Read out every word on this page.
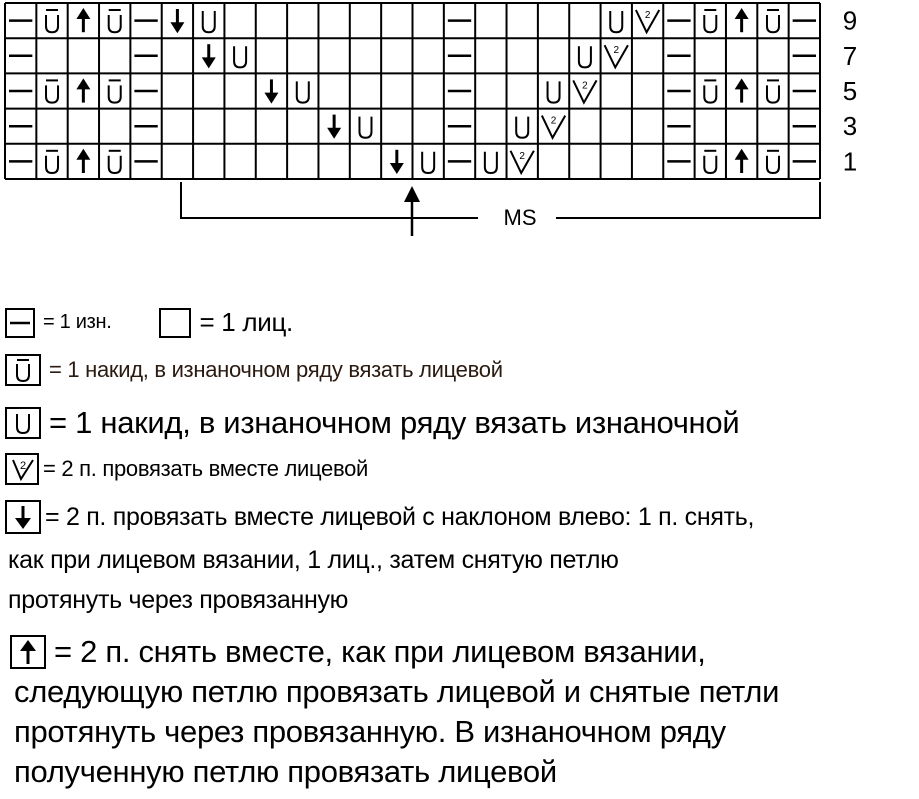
2
2
2
2
2
9
7
5
3
1
MS
= 1 изн.	= 1 лиц.
= 1 накид, в изнаночном ряду вязать лицевой
= 1 накид, в изнаночном ряду вязать изнаночной
2 = 2 п. провязать вместе лицевой
= 2 п. провязать вместе лицевой с наклоном влево: 1 п. снять,
как при лицевом вязании, 1 лиц., затем снятую петлю
протянуть через провязанную
= 2 п. снять вместе, как при лицевом вязании,
следующую петлю провязать лицевой и снятые петли
протянуть через провязанную. В изнаночном ряду
полученную петлю провязать лицевой
